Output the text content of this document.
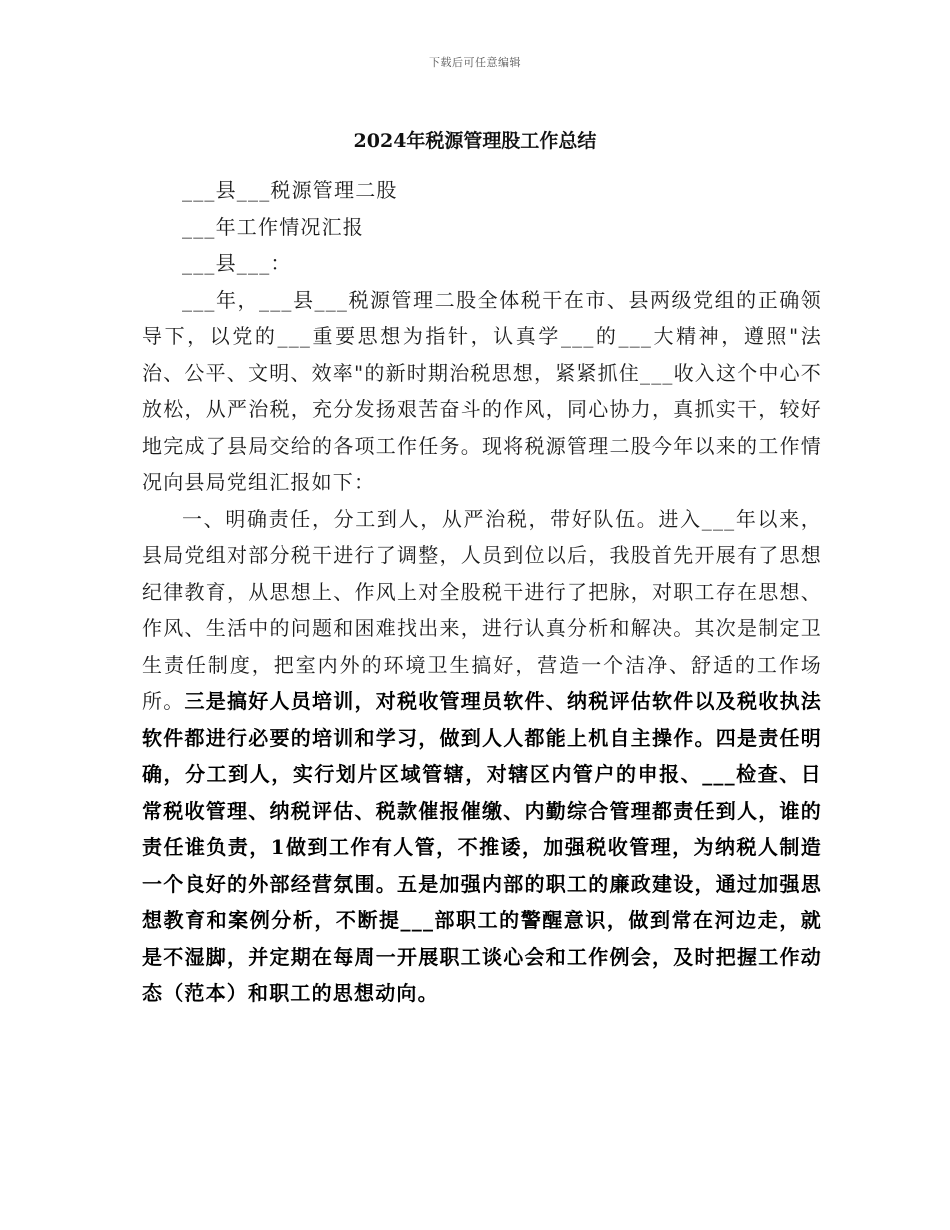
下载后可任意编辑
2024年税源管理股工作总结

___县___税源管理二股

___年工作情况汇报

___县___：

___年，___县___税源管理二股全体税干在市、县两级党组的正确领导下，以党的___重要思想为指针，认真学___的___大精神，遵照"法治、公平、文明、效率"的新时期治税思想，紧紧抓住___收入这个中心不放松，从严治税，充分发扬艰苦奋斗的作风，同心协力，真抓实干，较好地完成了县局交给的各项工作任务。现将税源管理二股今年以来的工作情况向县局党组汇报如下：

一、明确责任，分工到人，从严治税，带好队伍。进入___年以来，县局党组对部分税干进行了调整，人员到位以后，我股首先开展有了思想纪律教育，从思想上、作风上对全股税干进行了把脉，对职工存在思想、作风、生活中的问题和困难找出来，进行认真分析和解决。其次是制定卫生责任制度，把室内外的环境卫生搞好，营造一个洁净、舒适的工作场所。三是搞好人员培训，对税收管理员软件、纳税评估软件以及税收执法软件都进行必要的培训和学习，做到人人都能上机自主操作。四是责任明确，分工到人，实行划片区域管辖，对辖区内管户的申报、___检查、日常税收管理、纳税评估、税款催报催缴、内勤综合管理都责任到人，谁的责任谁负责，1做到工作有人管，不推诿，加强税收管理，为纳税人制造一个良好的外部经营氛围。五是加强内部的职工的廉政建设，通过加强思想教育和案例分析，不断提___部职工的警醒意识，做到常在河边走，就是不湿脚，并定期在每周一开展职工谈心会和工作例会，及时把握工作动态（范本）和职工的思想动向。
